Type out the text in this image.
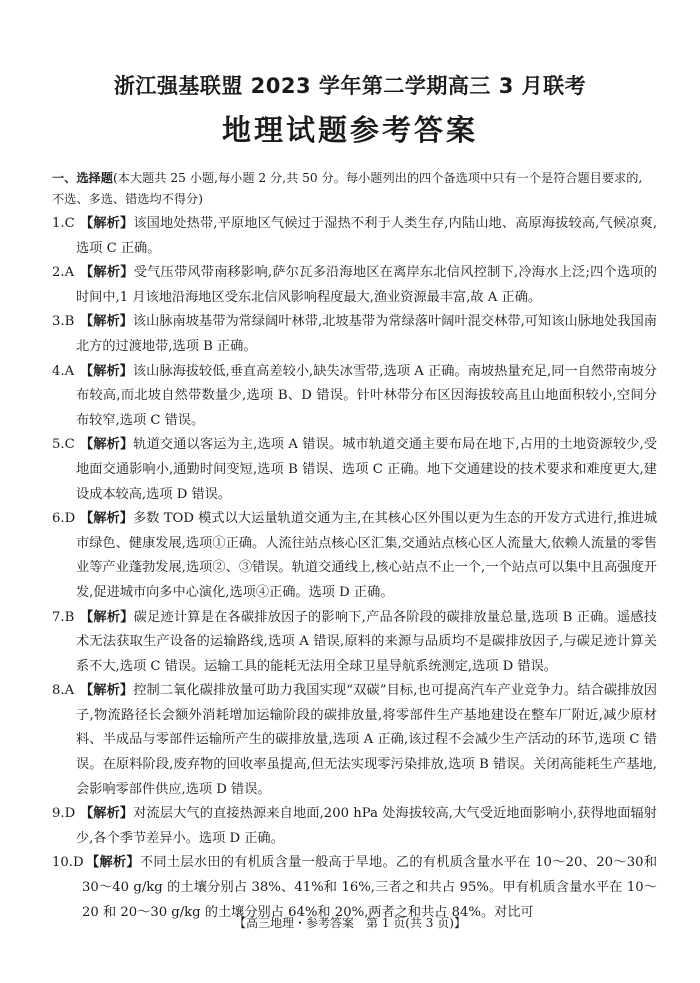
浙江强基联盟 2023 学年第二学期高三 3 月联考
地理试题参考答案
一、选择题(本大题共 25 小题,每小题 2 分,共 50 分。每小题列出的四个备选项中只有一个是符合题目要求的,不选、多选、错选均不得分)
1.C 【解析】该国地处热带,平原地区气候过于湿热不利于人类生存,内陆山地、高原海拔较高,气候凉爽,选项 C 正确。
2.A 【解析】受气压带风带南移影响,萨尔瓦多沿海地区在离岸东北信风控制下,冷海水上泛;四个选项的时间中,1 月该地沿海地区受东北信风影响程度最大,渔业资源最丰富,故 A 正确。
3.B 【解析】该山脉南坡基带为常绿阔叶林带,北坡基带为常绿落叶阔叶混交林带,可知该山脉地处我国南北方的过渡地带,选项 B 正确。
4.A 【解析】该山脉海拔较低,垂直高差较小,缺失冰雪带,选项 A 正确。南坡热量充足,同一自然带南坡分布较高,而北坡自然带数量少,选项 B、D 错误。针叶林带分布区因海拔较高且山地面积较小,空间分布较窄,选项 C 错误。
5.C 【解析】轨道交通以客运为主,选项 A 错误。城市轨道交通主要布局在地下,占用的土地资源较少,受地面交通影响小,通勤时间变短,选项 B 错误、选项 C 正确。地下交通建设的技术要求和难度更大,建设成本较高,选项 D 错误。
6.D 【解析】多数 TOD 模式以大运量轨道交通为主,在其核心区外围以更为生态的开发方式进行,推进城市绿色、健康发展,选项①正确。人流往站点核心区汇集,交通站点核心区人流量大,依赖人流量的零售业等产业蓬勃发展,选项②、③错误。轨道交通线上,核心站点不止一个,一个站点可以集中且高强度开发,促进城市向多中心演化,选项④正确。选项 D 正确。
7.B 【解析】碳足迹计算是在各碳排放因子的影响下,产品各阶段的碳排放量总量,选项 B 正确。遥感技术无法获取生产设备的运输路线,选项 A 错误,原料的来源与品质均不是碳排放因子,与碳足迹计算关系不大,选项 C 错误。运输工具的能耗无法用全球卫星导航系统测定,选项 D 错误。
8.A 【解析】控制二氧化碳排放量可助力我国实现“双碳”目标,也可提高汽车产业竞争力。结合碳排放因子,物流路径长会额外消耗增加运输阶段的碳排放量,将零部件生产基地建设在整车厂附近,减少原材料、半成品与零部件运输所产生的碳排放量,选项 A 正确,该过程不会减少生产活动的环节,选项 C 错误。在原料阶段,废弃物的回收率虽提高,但无法实现零污染排放,选项 B 错误。关闭高能耗生产基地,会影响零部件供应,选项 D 错误。
9.D 【解析】对流层大气的直接热源来自地面,200 hPa 处海拔较高,大气受近地面影响小,获得地面辐射少,各个季节差异小。选项 D 正确。
10.D 【解析】不同土层水田的有机质含量一般高于旱地。乙的有机质含量水平在 10～20、20～30和 30～40 g/kg 的土壤分别占 38%、41%和 16%,三者之和共占 95%。甲有机质含量水平在 10～20 和 20～30 g/kg 的土壤分别占 64%和 20%,两者之和共占 84%。对比可
【高三地理・参考答案　第 1 页(共 3 页)】
